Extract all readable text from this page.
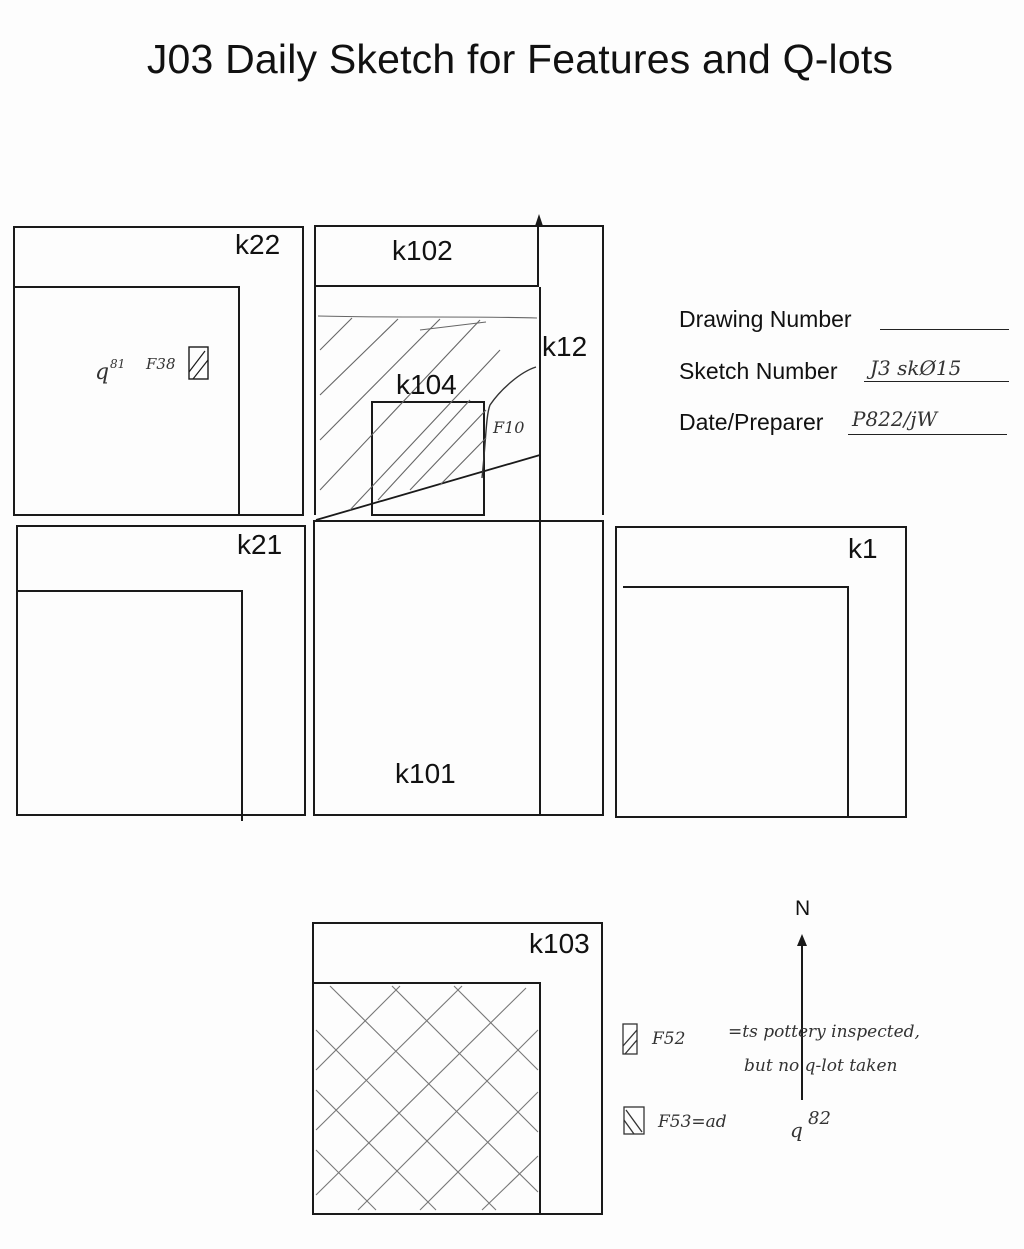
J03 Daily Sketch for Features and Q-lots
k22	k102
k12
k104
k21	k1
k101
k103
Drawing Number
Sketch Number J3 skØ15
Date/Preparer P822/jW
q 81 F38
F10
F52	=ts pottery inspected,
but no q-lot taken
F53=ad	q 82
N
